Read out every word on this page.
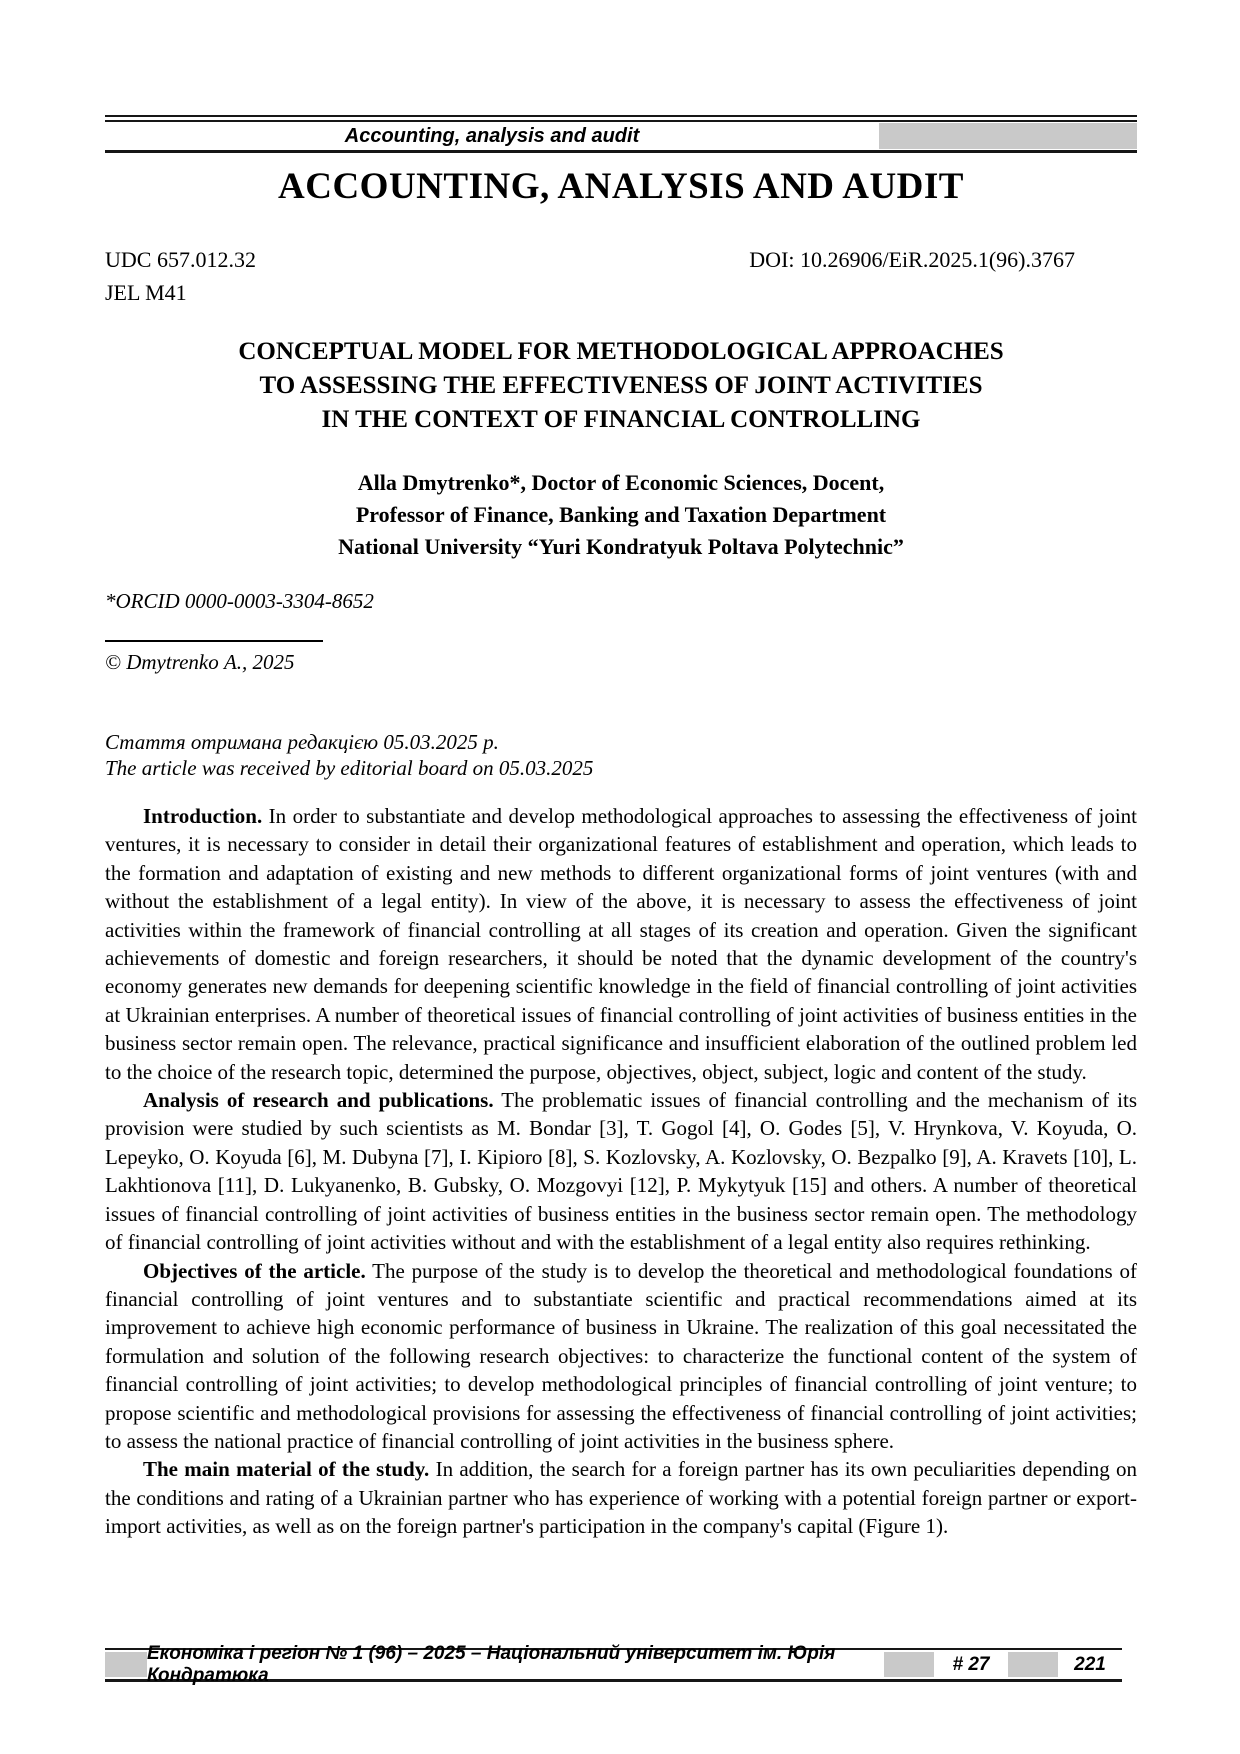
Accounting, analysis and audit
ACCOUNTING, ANALYSIS AND AUDIT
UDC 657.012.32
JEL M41
DOI: 10.26906/EiR.2025.1(96).3767
CONCEPTUAL MODEL FOR METHODOLOGICAL APPROACHES
TO ASSESSING THE EFFECTIVENESS OF JOINT ACTIVITIES
IN THE CONTEXT OF FINANCIAL CONTROLLING
Alla Dmytrenko*, Doctor of Economic Sciences, Docent,
Professor of Finance, Banking and Taxation Department
National University “Yuri Kondratyuk Poltava Polytechnic”
*ORCID 0000-0003-3304-8652
© Dmytrenko А., 2025
Стаття отримана редакцією 05.03.2025 р.
The article was received by editorial board on 05.03.2025

Introduction. In order to substantiate and develop methodological approaches to assessing the effectiveness of joint ventures, it is necessary to consider in detail their organizational features of establishment and operation, which leads to the formation and adaptation of existing and new methods to different organizational forms of joint ventures (with and without the establishment of a legal entity). In view of the above, it is necessary to assess the effectiveness of joint activities within the framework of financial controlling at all stages of its creation and operation. Given the significant achievements of domestic and foreign researchers, it should be noted that the dynamic development of the country's economy generates new demands for deepening scientific knowledge in the field of financial controlling of joint activities at Ukrainian enterprises. A number of theoretical issues of financial controlling of joint activities of business entities in the business sector remain open. The relevance, practical significance and insufficient elaboration of the outlined problem led to the choice of the research topic, determined the purpose, objectives, object, subject, logic and content of the study.

Analysis of research and publications. The problematic issues of financial controlling and the mechanism of its provision were studied by such scientists as M. Bondar [3], T. Gogol [4], O. Godes [5], V. Hrynkova, V. Koyuda, O. Lepeyko, O. Koyuda [6], M. Dubyna [7], I. Kipioro [8], S. Kozlovsky, A. Kozlovsky, O. Bezpalko [9], A. Kravets [10], L. Lakhtionova [11], D. Lukyanenko, B. Gubsky, O. Mozgovyi [12], P. Mykytyuk [15] and others. A number of theoretical issues of financial controlling of joint activities of business entities in the business sector remain open. The methodology of financial controlling of joint activities without and with the establishment of a legal entity also requires rethinking.

Objectives of the article. The purpose of the study is to develop the theoretical and methodological foundations of financial controlling of joint ventures and to substantiate scientific and practical recommendations aimed at its improvement to achieve high economic performance of business in Ukraine. The realization of this goal necessitated the formulation and solution of the following research objectives: to characterize the functional content of the system of financial controlling of joint activities; to develop methodological principles of financial controlling of joint venture; to propose scientific and methodological provisions for assessing the effectiveness of financial controlling of joint activities; to assess the national practice of financial controlling of joint activities in the business sphere.

The main material of the study. In addition, the search for a foreign partner has its own peculiarities depending on the conditions and rating of a Ukrainian partner who has experience of working with a potential foreign partner or export-import activities, as well as on the foreign partner's participation in the company's capital (Figure 1).

Економіка і регіон № 1 (96) – 2025 – Національний університет ім. Юрія Кондратюка
# 27	221
